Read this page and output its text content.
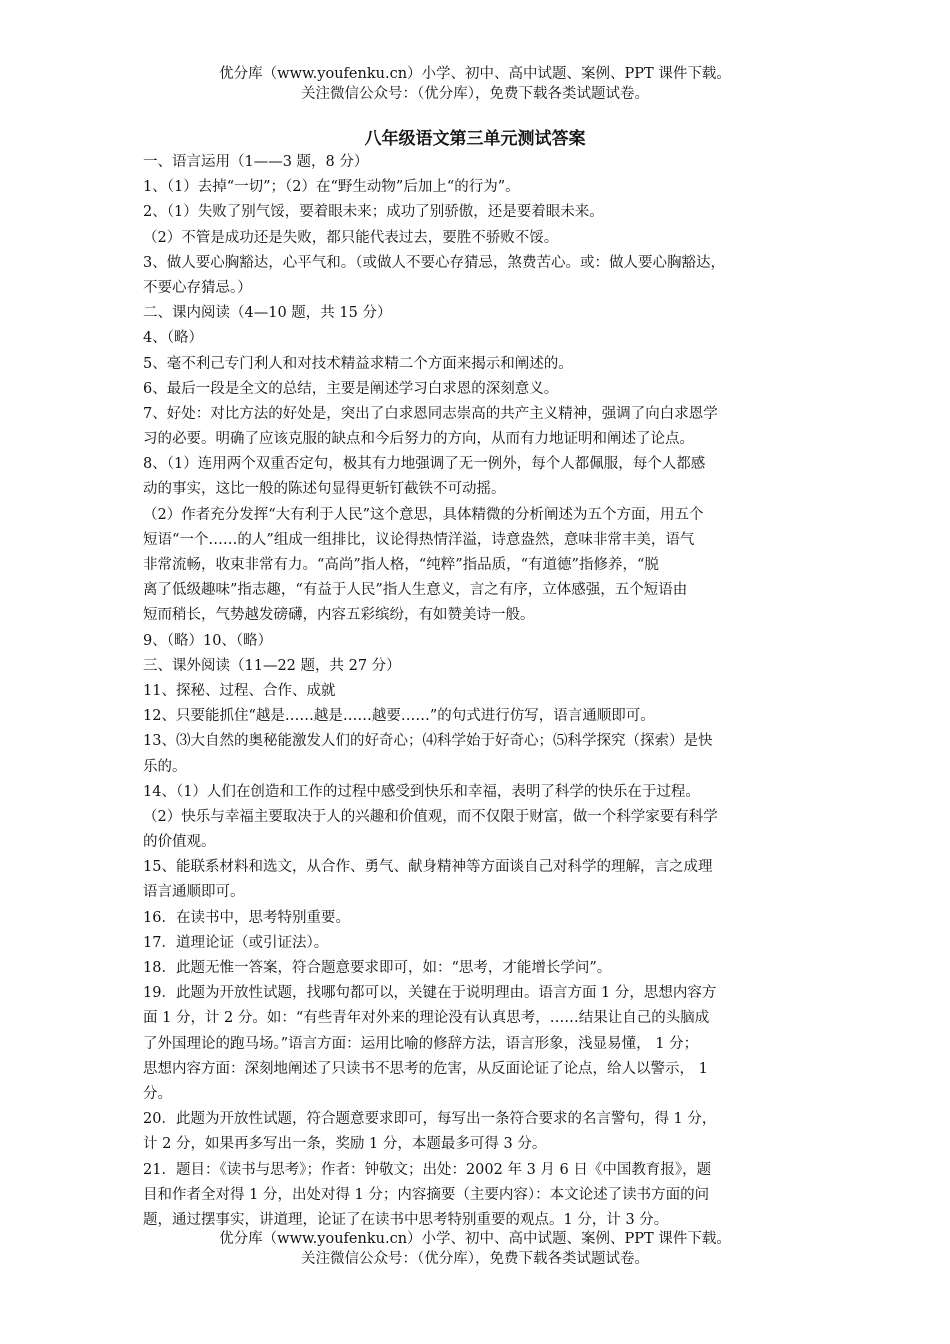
优分库（www.youfenku.cn）小学、初中、高中试题、案例、PPT 课件下载。
关注微信公众号：（优分库），免费下载各类试题试卷。
八年级语文第三单元测试答案
一、语言运用（1——3 题，8 分）
1、（1）去掉“一切”；（2）在“野生动物”后加上“的行为”。
2、（1）失败了别气馁，要着眼未来；成功了别骄傲，还是要着眼未来。
（2）不管是成功还是失败，都只能代表过去，要胜不骄败不馁。
3、做人要心胸豁达，心平气和。（或做人不要心存猜忌，煞费苦心。或：做人要心胸豁达，
不要心存猜忌。）
二、课内阅读（4—10 题，共 15 分）
4、（略）
5、毫不利己专门利人和对技术精益求精二个方面来揭示和阐述的。
6、最后一段是全文的总结，主要是阐述学习白求恩的深刻意义。
7、好处：对比方法的好处是，突出了白求恩同志崇高的共产主义精神，强调了向白求恩学
习的必要。明确了应该克服的缺点和今后努力的方向，从而有力地证明和阐述了论点。
8、（1）连用两个双重否定句，极其有力地强调了无一例外，每个人都佩服，每个人都感
动的事实，这比一般的陈述句显得更斩钉截铁不可动摇。
（2）作者充分发挥“大有利于人民”这个意思，具体精微的分析阐述为五个方面，用五个
短语“一个……的人”组成一组排比，议论得热情洋溢，诗意盎然，意味非常丰美，语气
非常流畅，收束非常有力。“高尚”指人格，“纯粹”指品质，“有道德”指修养，“脱
离了低级趣味”指志趣，“有益于人民”指人生意义，言之有序，立体感强，五个短语由
短而稍长，气势越发磅礴，内容五彩缤纷，有如赞美诗一般。
9、（略）10、（略）
三、课外阅读（11—22 题，共 27 分）
11、探秘、过程、合作、成就
12、只要能抓住“越是……越是……越要……”的句式进行仿写，语言通顺即可。
13、⑶大自然的奥秘能激发人们的好奇心；⑷科学始于好奇心；⑸科学探究（探索）是快
乐的。
14、（1）人们在创造和工作的过程中感受到快乐和幸福，表明了科学的快乐在于过程。
（2）快乐与幸福主要取决于人的兴趣和价值观，而不仅限于财富，做一个科学家要有科学
的价值观。
15、能联系材料和选文，从合作、勇气、献身精神等方面谈自己对科学的理解，言之成理
语言通顺即可。
16．在读书中，思考特别重要。
17．道理论证（或引证法）。
18．此题无惟一答案，符合题意要求即可，如：“思考，才能增长学问”。
19．此题为开放性试题，找哪句都可以，关键在于说明理由。语言方面 1 分，思想内容方
面 1 分，计 2 分。如：“有些青年对外来的理论没有认真思考，……结果让自己的头脑成
了外国理论的跑马场。”语言方面：运用比喻的修辞方法，语言形象，浅显易懂， 1 分；
思想内容方面：深刻地阐述了只读书不思考的危害，从反面论证了论点，给人以警示， 1
分。
20．此题为开放性试题，符合题意要求即可，每写出一条符合要求的名言警句，得 1 分，
计 2 分，如果再多写出一条，奖励 1 分，本题最多可得 3 分。
21．题目：《读书与思考》；作者：钟敬文；出处：2002 年 3 月 6 日《中国教育报》，题
目和作者全对得 1 分，出处对得 1 分；内容摘要（主要内容）：本文论述了读书方面的问
题，通过摆事实，讲道理，论证了在读书中思考特别重要的观点。1 分，计 3 分。
优分库（www.youfenku.cn）小学、初中、高中试题、案例、PPT 课件下载。
关注微信公众号：（优分库），免费下载各类试题试卷。
